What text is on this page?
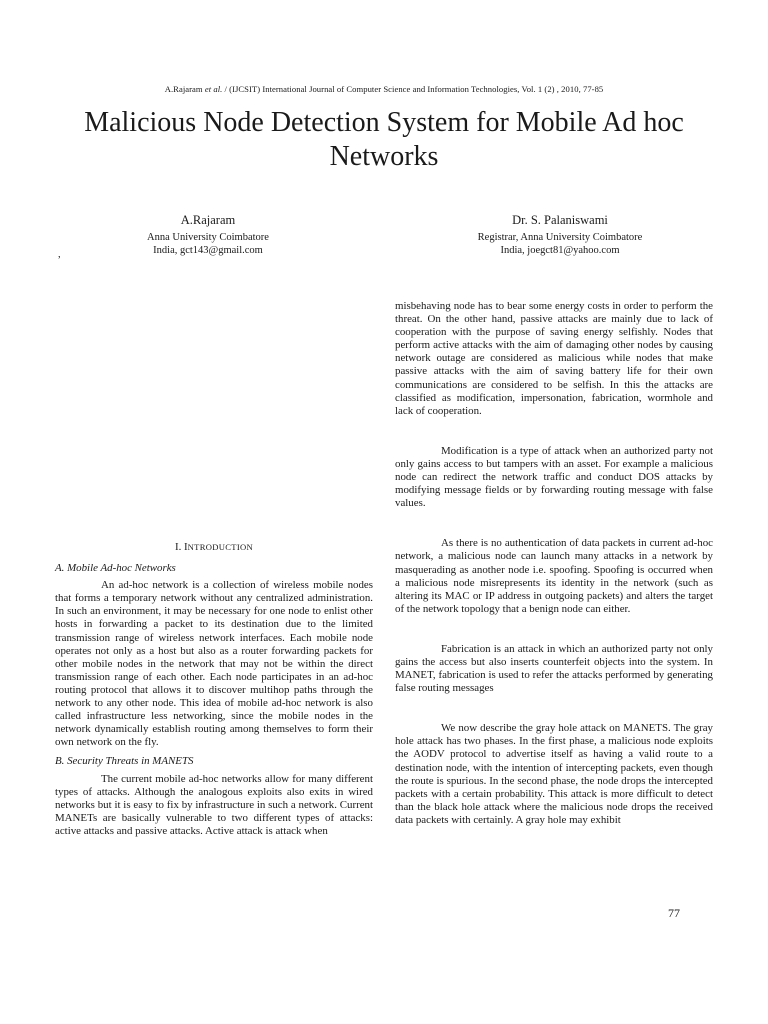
A.Rajaram et al. / (IJCSIT) International Journal of Computer Science and Information Technologies, Vol. 1 (2) , 2010, 77-85
Malicious Node Detection System for Mobile Ad hoc Networks
A.Rajaram
Anna University Coimbatore
India, gct143@gmail.com
,
Dr. S. Palaniswami
Registrar, Anna University Coimbatore
India, joegct81@yahoo.com

I. INTRODUCTION

A. Mobile Ad-hoc Networks

An ad-hoc network is a collection of wireless mobile nodes that forms a temporary network without any centralized administration. In such an environment, it may be necessary for one node to enlist other hosts in forwarding a packet to its destination due to the limited transmission range of wireless network interfaces. Each mobile node operates not only as a host but also as a router forwarding packets for other mobile nodes in the network that may not be within the direct transmission range of each other. Each node participates in an ad-hoc routing protocol that allows it to discover multihop paths through the network to any other node. This idea of mobile ad-hoc network is also called infrastructure less networking, since the mobile nodes in the network dynamically establish routing among themselves to form their own network on the fly.

B. Security Threats in MANETS

The current mobile ad-hoc networks allow for many different types of attacks. Although the analogous exploits also exits in wired networks but it is easy to fix by infrastructure in such a network. Current MANETs are basically vulnerable to two different types of attacks: active attacks and passive attacks. Active attack is attack when

misbehaving node has to bear some energy costs in order to perform the threat. On the other hand, passive attacks are mainly due to lack of cooperation with the purpose of saving energy selfishly. Nodes that perform active attacks with the aim of damaging other nodes by causing network outage are considered as malicious while nodes that make passive attacks with the aim of saving battery life for their own communications are considered to be selfish. In this the attacks are classified as modification, impersonation, fabrication, wormhole and lack of cooperation.

Modification is a type of attack when an authorized party not only gains access to but tampers with an asset. For example a malicious node can redirect the network traffic and conduct DOS attacks by modifying message fields or by forwarding routing message with false values.

As there is no authentication of data packets in current ad-hoc network, a malicious node can launch many attacks in a network by masquerading as another node i.e. spoofing. Spoofing is occurred when a malicious node misrepresents its identity in the network (such as altering its MAC or IP address in outgoing packets) and alters the target of the network topology that a benign node can either.

Fabrication is an attack in which an authorized party not only gains the access but also inserts counterfeit objects into the system. In MANET, fabrication is used to refer the attacks performed by generating false routing messages

We now describe the gray hole attack on MANETS. The gray hole attack has two phases. In the first phase, a malicious node exploits the AODV protocol to advertise itself as having a valid route to a destination node, with the intention of intercepting packets, even though the route is spurious. In the second phase, the node drops the intercepted packets with a certain probability. This attack is more difficult to detect than the black hole attack where the malicious node drops the received data packets with certainly. A gray hole may exhibit

77
